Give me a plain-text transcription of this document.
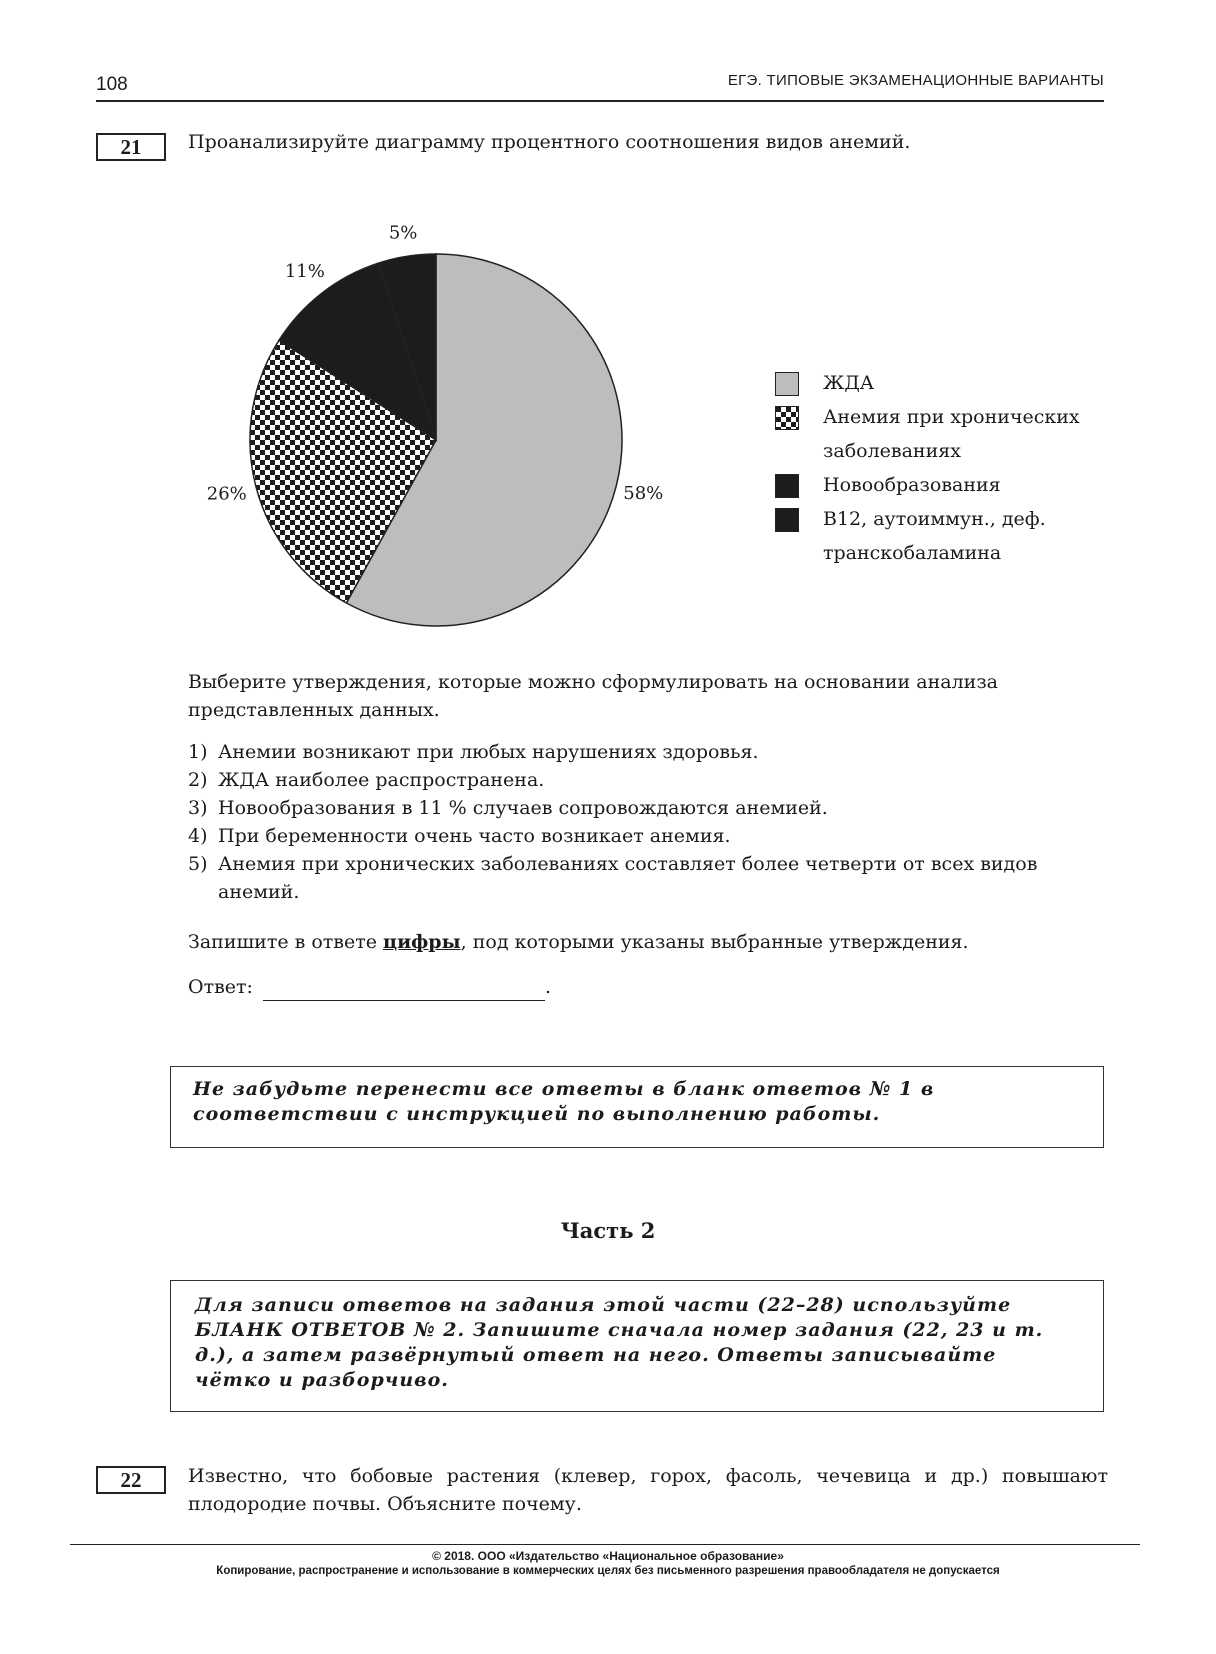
108	ЕГЭ. ТИПОВЫЕ ЭКЗАМЕНАЦИОННЫЕ ВАРИАНТЫ
21	Проанализируйте диаграмму процентного соотношения видов анемий.
58%
26%
11%
5%
ЖДА
Анемия при хронических заболеваниях
Новообразования
В12, аутоиммун., деф. транскобаламина
Выберите утверждения, которые можно сформулировать на основании анализа
представленных данных.
1) Анемии возникают при любых нарушениях здоровья.
2) ЖДА наиболее распространена.
3) Новообразования в 11 % случаев сопровождаются анемией.
4) При беременности очень часто возникает анемия.
5) Анемия при хронических заболеваниях составляет более четверти от всех видов анемий.
Запишите в ответе цифры, под которыми указаны выбранные утверждения.
Ответ:	.
Не забудьте перенести все ответы в бланк ответов № 1 в соответствии с инструкцией по выполнению работы.
Часть 2
Для записи ответов на задания этой части (22–28) используйте БЛАНК ОТВЕТОВ № 2. Запишите сначала номер задания (22, 23 и т. д.), а затем развёрнутый ответ на него. Ответы записывайте чётко и разборчиво.
22	Известно, что бобовые растения (клевер, горох, фасоль, чечевица и др.) повышают плодородие почвы. Объясните почему.
© 2018. ООО «Издательство «Национальное образование»
Копирование, распространение и использование в коммерческих целях без письменного разрешения правообладателя не допускается
